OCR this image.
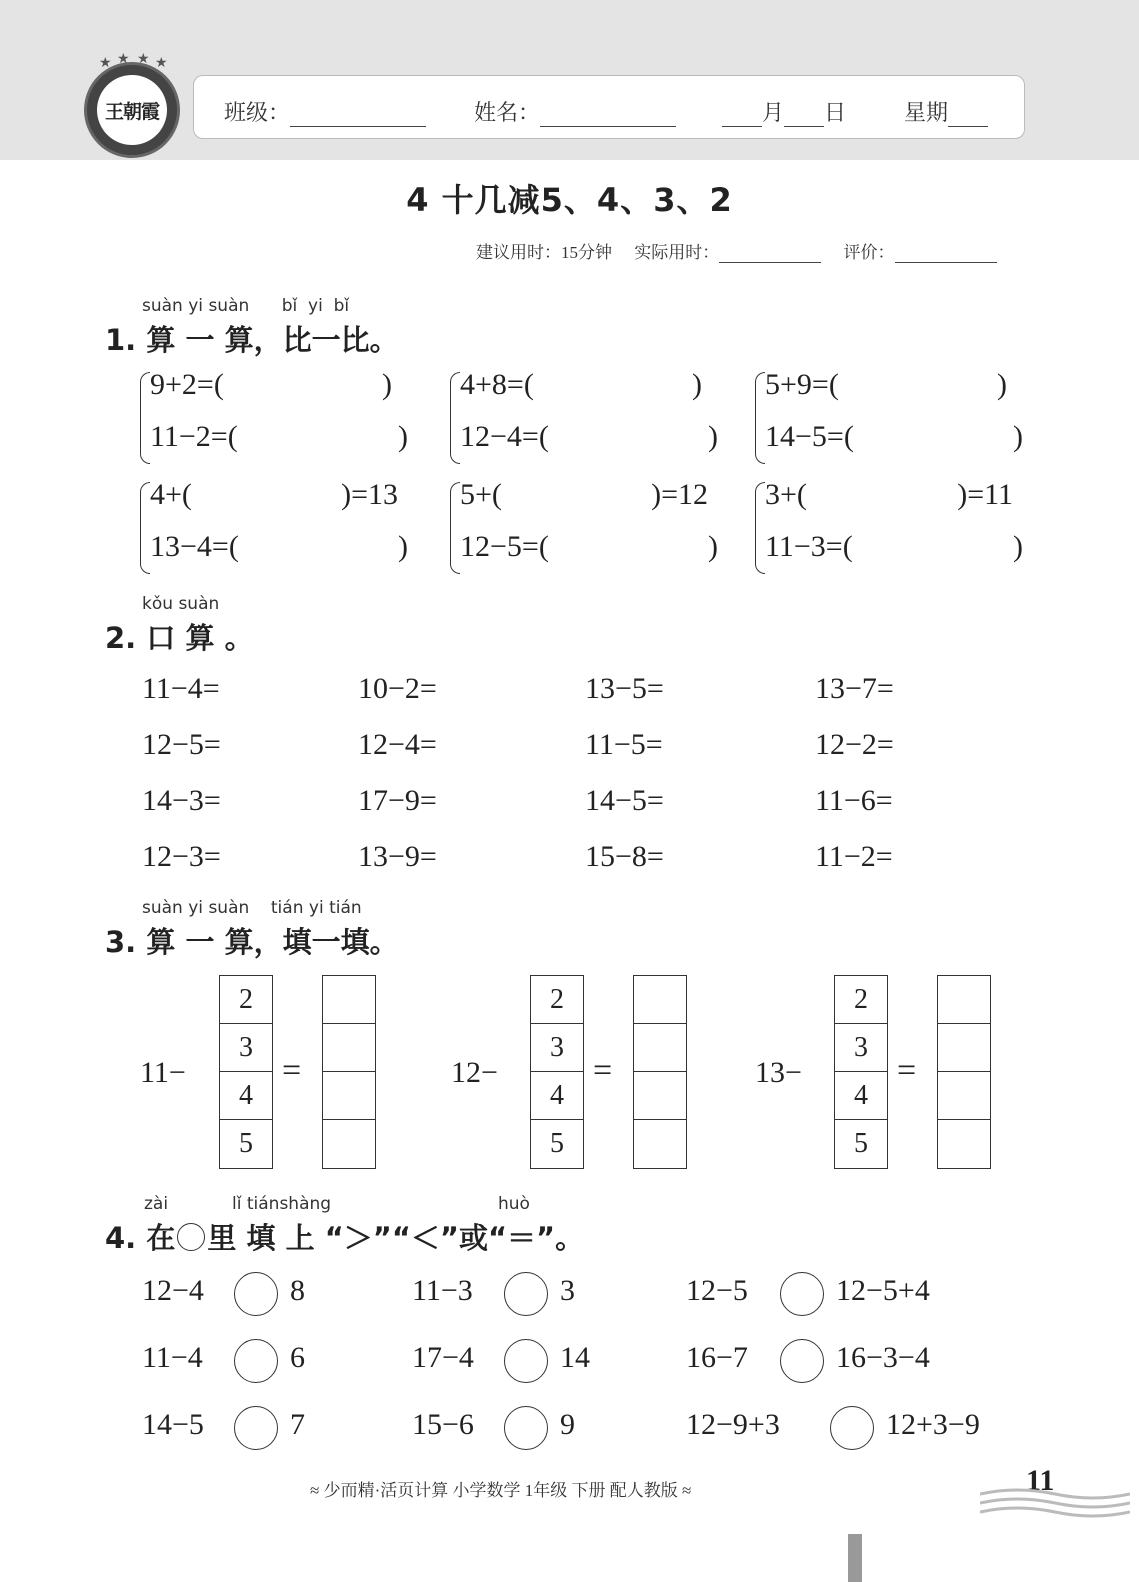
★ ★ ★ ★
王朝霞	班级：	姓名：	月 日	星期
4 十几减5、4、3、2
建议用时：15分钟 实际用时：	评价：
suàn yi suàn bǐ yi bǐ
1. 算 一 算，比一比。
9+2=(	)
11−2=(	)
4+8=(	)
12−4=(	)
5+9=(	)
14−5=(	)
4+(	)=13
13−4=(	)
5+(	)=12
12−5=(	)
3+(	)=11
11−3=(	)
kǒu suàn
2. 口 算 。
11−4=	10−2=	13−5=	13−7=
12−5=	12−4=	11−5=	12−2=
14−3=	17−9=	14−5=	11−6=
12−3=	13−9=	15−8=	11−2=
suàn yi suàn tián yi tián
3. 算 一 算，填一填。
11−
2
3
4
5
=	12−
2
3
4
5
=	13−
2
3
4
5
=
zài	lǐ tiánshàng	huò
4. 在 里 填 上 “＞”“＜”或“＝”。
12−4	8	11−3	3	12−5	12−5+4
11−4	6	17−4	14	16−7	16−3−4
14−5	7	15−6	9	12−9+3	12+3−9
≈ 少而精·活页计算 小学数学 1年级 下册 配人教版 ≈	11
